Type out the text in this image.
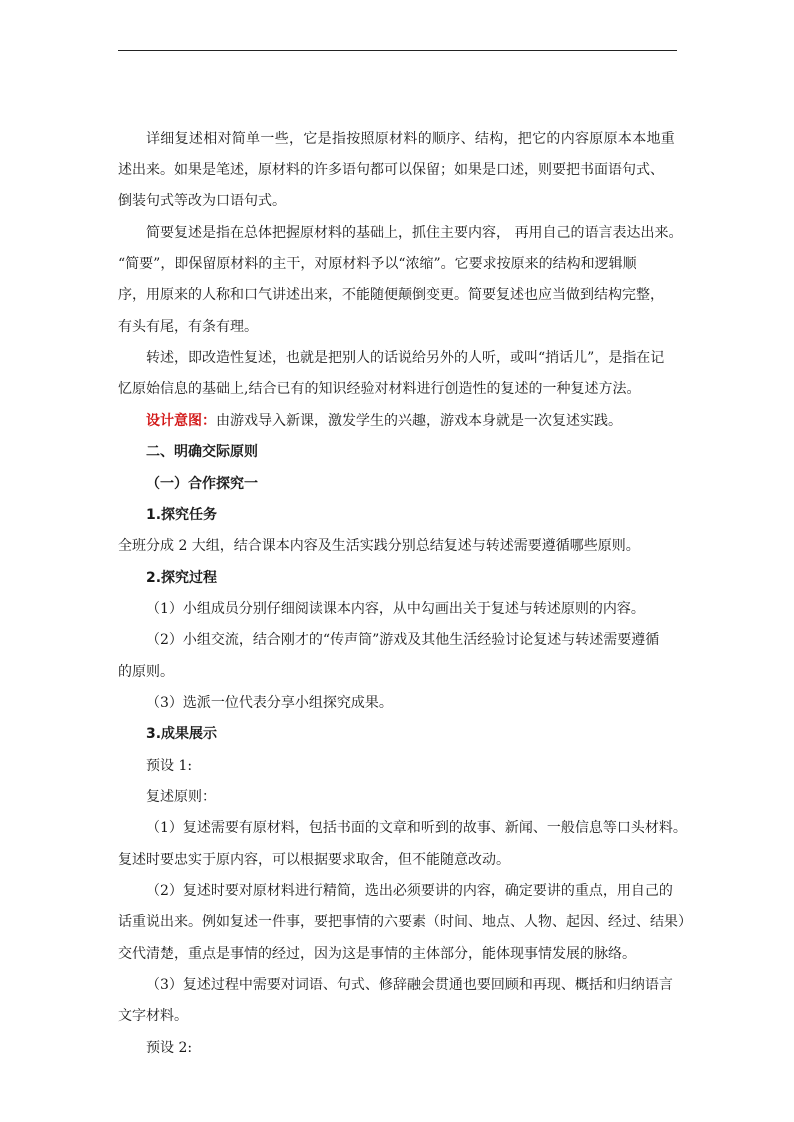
详细复述相对简单一些，它是指按照原材料的顺序、结构，把它的内容原原本本地重
述出来。如果是笔述，原材料的许多语句都可以保留；如果是口述，则要把书面语句式、
倒装句式等改为口语句式。
简要复述是指在总体把握原材料的基础上，抓住主要内容， 再用自己的语言表达出来。
“简要”，即保留原材料的主干，对原材料予以“浓缩”。它要求按原来的结构和逻辑顺
序，用原来的人称和口气讲述出来，不能随便颠倒变更。简要复述也应当做到结构完整，
有头有尾，有条有理。
转述，即改造性复述，也就是把别人的话说给另外的人听，或叫“捎话儿”，是指在记
忆原始信息的基础上,结合已有的知识经验对材料进行创造性的复述的一种复述方法。
设计意图：由游戏导入新课，激发学生的兴趣，游戏本身就是一次复述实践。
二、明确交际原则
（一）合作探究一
1.探究任务
全班分成 2 大组，结合课本内容及生活实践分别总结复述与转述需要遵循哪些原则。
2.探究过程
（1）小组成员分别仔细阅读课本内容，从中勾画出关于复述与转述原则的内容。
（2）小组交流，结合刚才的“传声筒”游戏及其他生活经验讨论复述与转述需要遵循
的原则。
（3）选派一位代表分享小组探究成果。
3.成果展示
预设 1:
复述原则：
（1）复述需要有原材料，包括书面的文章和听到的故事、新闻、一般信息等口头材料。
复述时要忠实于原内容，可以根据要求取舍，但不能随意改动。
（2）复述时要对原材料进行精简，选出必须要讲的内容，确定要讲的重点，用自己的
话重说出来。例如复述一件事，要把事情的六要素（时间、地点、人物、起因、经过、结果）
交代清楚，重点是事情的经过，因为这是事情的主体部分，能体现事情发展的脉络。
（3）复述过程中需要对词语、句式、修辞融会贯通也要回顾和再现、概括和归纳语言
文字材料。
预设 2:
